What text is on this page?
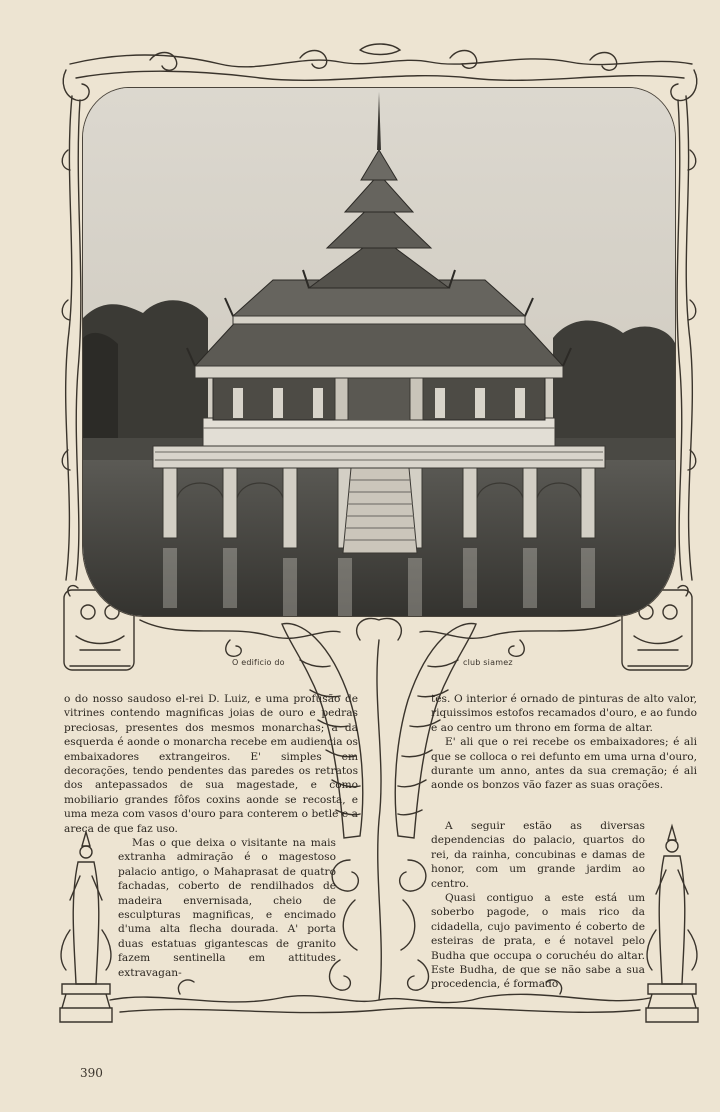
O edificio do	club siamez

o do nosso saudoso el-rei D. Luiz, e uma profusão de vitrines contendo magnificas joias de ouro e pedras preciosas, presentes dos mesmos monarchas; a da esquerda é aonde o monarcha recebe em audiencia os embaixadores extrangeiros. E' simples em decorações, tendo pendentes das paredes os retratos dos antepassados de sua magestade, e como mobiliario grandes fôfos coxins aonde se recosta, e uma meza com vasos d'ouro para conterem o betle e a areca de que faz uso.

Mas o que deixa o visitante na mais extranha admiração é o magestoso palacio antigo, o Mahaprasat de quatro fachadas, coberto de rendilhados de madeira envernisada, cheio de esculpturas magnificas, e encimado d'uma alta flecha dourada. A' porta duas estatuas gigantescas de granito fazem sentinella em attitudes extravagan-

tes. O interior é ornado de pinturas de alto valor, riquissimos estofos recamados d'ouro, e ao fundo e ao centro um throno em forma de altar.

E' ali que o rei recebe os embaixadores; é ali que se colloca o rei defunto em uma urna d'ouro, durante um anno, antes da sua cremação; é ali aonde os bonzos vão fazer as suas orações.

A seguir estão as diversas dependencias do palacio, quartos do rei, da rainha, concubinas e damas de honor, com um grande jardim ao centro.

Quasi contiguo a este está um soberbo pagode, o mais rico da cidadella, cujo pavimento é coberto de esteiras de prata, e é notavel pelo Budha que occupa o coruchéu do altar. Este Budha, de que se não sabe a sua procedencia, é formado

390
